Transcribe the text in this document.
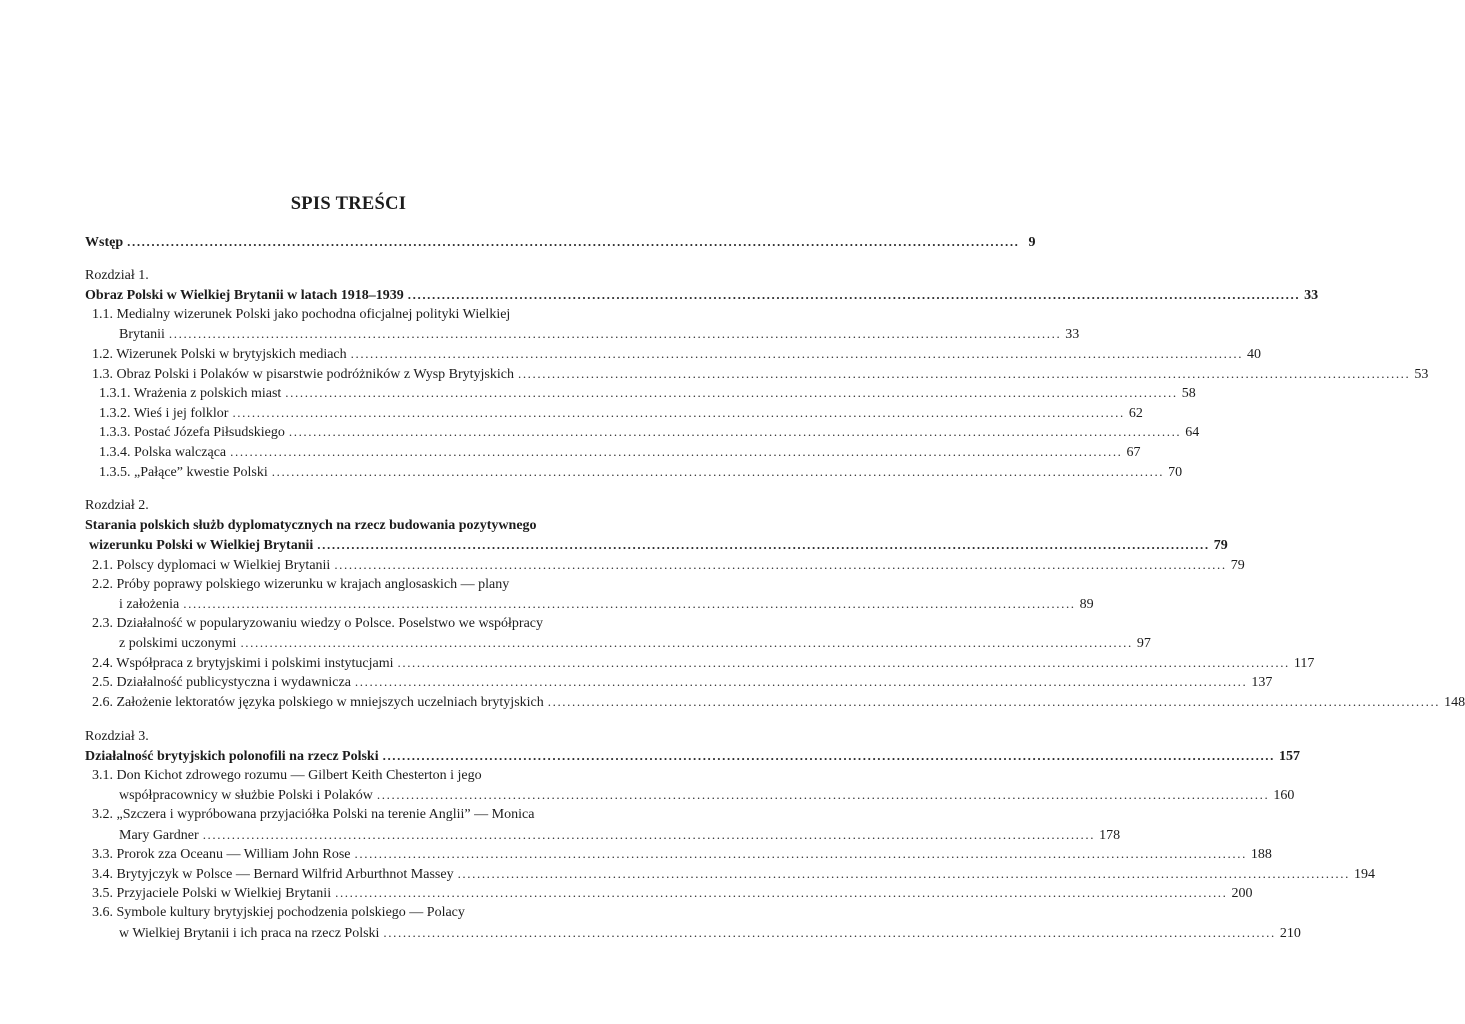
SPIS TREŚCI
Wstęp ........................................................................................................................................................................................ 9
Rozdział 1.
Obraz Polski w Wielkiej Brytanii w latach 1918–1939 ........................................................................................................................................................................................ 33
1.1. Medialny wizerunek Polski jako pochodna oficjalnej polityki Wielkiej
Brytanii ........................................................................................................................................................................................ 33
1.2. Wizerunek Polski w brytyjskich mediach ........................................................................................................................................................................................ 40
1.3. Obraz Polski i Polaków w pisarstwie podróżników z Wysp Brytyjskich ........................................................................................................................................................................................ 53
1.3.1. Wrażenia z polskich miast ........................................................................................................................................................................................ 58
1.3.2. Wieś i jej folklor ........................................................................................................................................................................................ 62
1.3.3. Postać Józefa Piłsudskiego ........................................................................................................................................................................................ 64
1.3.4. Polska walcząca ........................................................................................................................................................................................ 67
1.3.5. „Pałące” kwestie Polski ........................................................................................................................................................................................ 70
Rozdział 2.
Starania polskich służb dyplomatycznych na rzecz budowania pozytywnego
wizerunku Polski w Wielkiej Brytanii ........................................................................................................................................................................................ 79
2.1. Polscy dyplomaci w Wielkiej Brytanii ........................................................................................................................................................................................ 79
2.2. Próby poprawy polskiego wizerunku w krajach anglosaskich — plany
i założenia ........................................................................................................................................................................................ 89
2.3. Działalność w popularyzowaniu wiedzy o Polsce. Poselstwo we współpracy
z polskimi uczonymi ........................................................................................................................................................................................ 97
2.4. Współpraca z brytyjskimi i polskimi instytucjami ........................................................................................................................................................................................ 117
2.5. Działalność publicystyczna i wydawnicza ........................................................................................................................................................................................ 137
2.6. Założenie lektoratów języka polskiego w mniejszych uczelniach brytyjskich ........................................................................................................................................................................................ 148
Rozdział 3.
Działalność brytyjskich polonofili na rzecz Polski ........................................................................................................................................................................................ 157
3.1. Don Kichot zdrowego rozumu — Gilbert Keith Chesterton i jego
współpracownicy w służbie Polski i Polaków ........................................................................................................................................................................................ 160
3.2. „Szczera i wypróbowana przyjaciółka Polski na terenie Anglii” — Monica
Mary Gardner ........................................................................................................................................................................................ 178
3.3. Prorok zza Oceanu — William John Rose ........................................................................................................................................................................................ 188
3.4. Brytyjczyk w Polsce — Bernard Wilfrid Arburthnot Massey ........................................................................................................................................................................................ 194
3.5. Przyjaciele Polski w Wielkiej Brytanii ........................................................................................................................................................................................ 200
3.6. Symbole kultury brytyjskiej pochodzenia polskiego — Polacy
w Wielkiej Brytanii i ich praca na rzecz Polski ........................................................................................................................................................................................ 210
